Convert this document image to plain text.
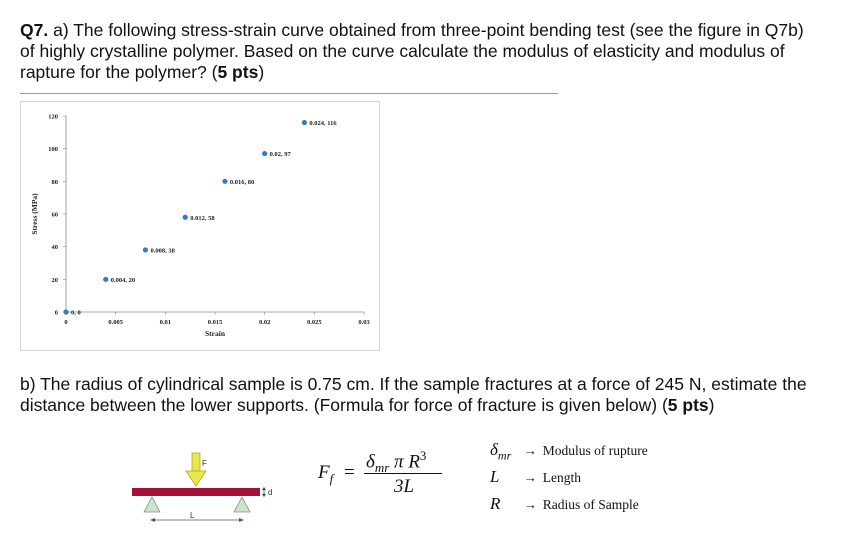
Q7. a) The following stress-strain curve obtained from three-point bending test (see the figure in Q7b) of highly crystalline polymer. Based on the curve calculate the modulus of elasticity and modulus of rapture for the polymer? (5 pts)
0	0.005	0.01	0.015	0.02	0.025	0.03
0
20
40
60
80
100
120
Strain
Stress (MPa)
0, 0
0.004, 20
0.008, 38
0.012, 58
0.016, 80
0.02, 97
0.024, 116
b) The radius of cylindrical sample is 0.75 cm. If the sample fractures at a force of 245 N, estimate the distance between the lower supports. (Formula for force of fracture is given below) (5 pts)
F
L
d
$F_f$ =
$\delta_{mr}$ π $R^3$
3L
$\delta_{mr}$ → Modulus of rupture
L → Length
R → Radius of Sample
